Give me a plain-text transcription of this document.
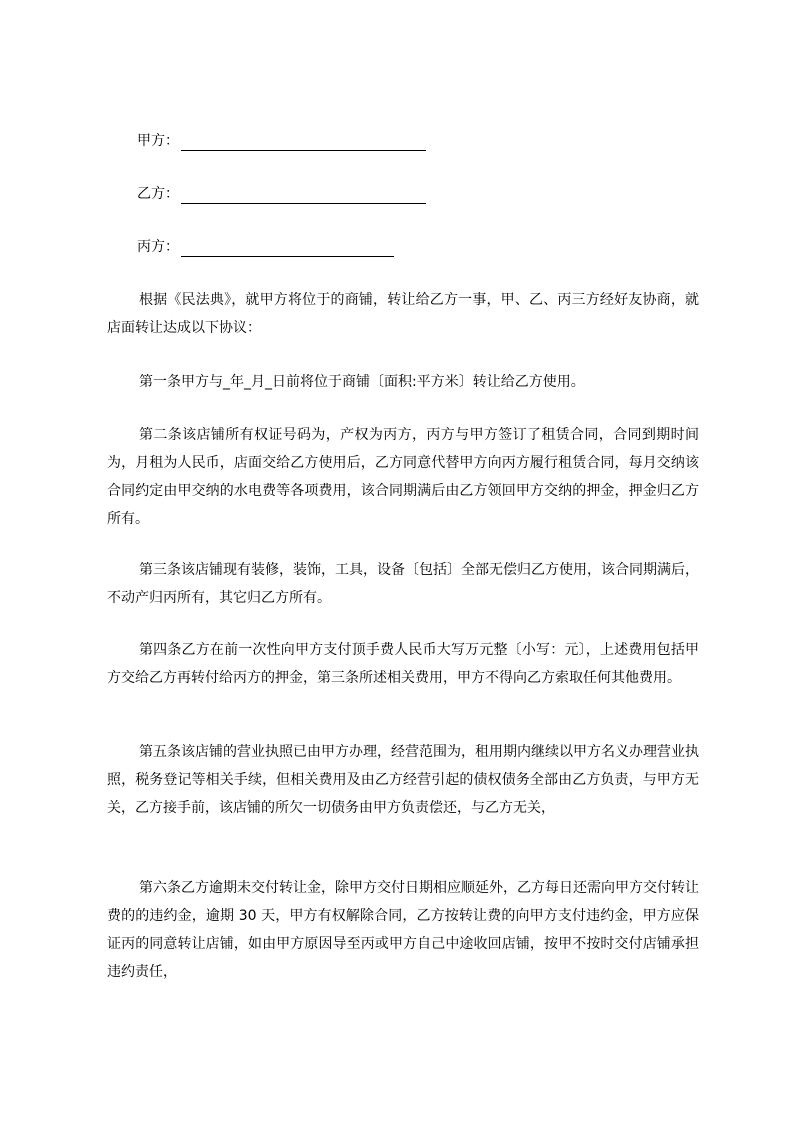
甲方：
乙方：
丙方：

根据《民法典》，就甲方将位于的商铺，转让给乙方一事，甲、乙、丙三方经好友协商，就店面转让达成以下协议：

第一条甲方与_年_月_日前将位于商铺〔面积:平方米〕转让给乙方使用。

第二条该店铺所有权证号码为，产权为丙方，丙方与甲方签订了租赁合同，合同到期时间为，月租为人民币，店面交给乙方使用后，乙方同意代替甲方向丙方履行租赁合同，每月交纳该合同约定由甲交纳的水电费等各项费用，该合同期满后由乙方领回甲方交纳的押金，押金归乙方所有。

第三条该店铺现有装修，装饰，工具，设备〔包括〕全部无偿归乙方使用，该合同期满后，不动产归丙所有，其它归乙方所有。

第四条乙方在前一次性向甲方支付顶手费人民币大写万元整〔小写：元〕，上述费用包括甲方交给乙方再转付给丙方的押金，第三条所述相关费用，甲方不得向乙方索取任何其他费用。

第五条该店铺的营业执照已由甲方办理，经营范围为，租用期内继续以甲方名义办理营业执照，税务登记等相关手续，但相关费用及由乙方经营引起的债权债务全部由乙方负责，与甲方无关，乙方接手前，该店铺的所欠一切债务由甲方负责偿还，与乙方无关，

第六条乙方逾期未交付转让金，除甲方交付日期相应顺延外，乙方每日还需向甲方交付转让费的的违约金，逾期 30 天，甲方有权解除合同，乙方按转让费的向甲方支付违约金，甲方应保证丙的同意转让店铺，如由甲方原因导至丙或甲方自己中途收回店铺，按甲不按时交付店铺承担违约责任，
